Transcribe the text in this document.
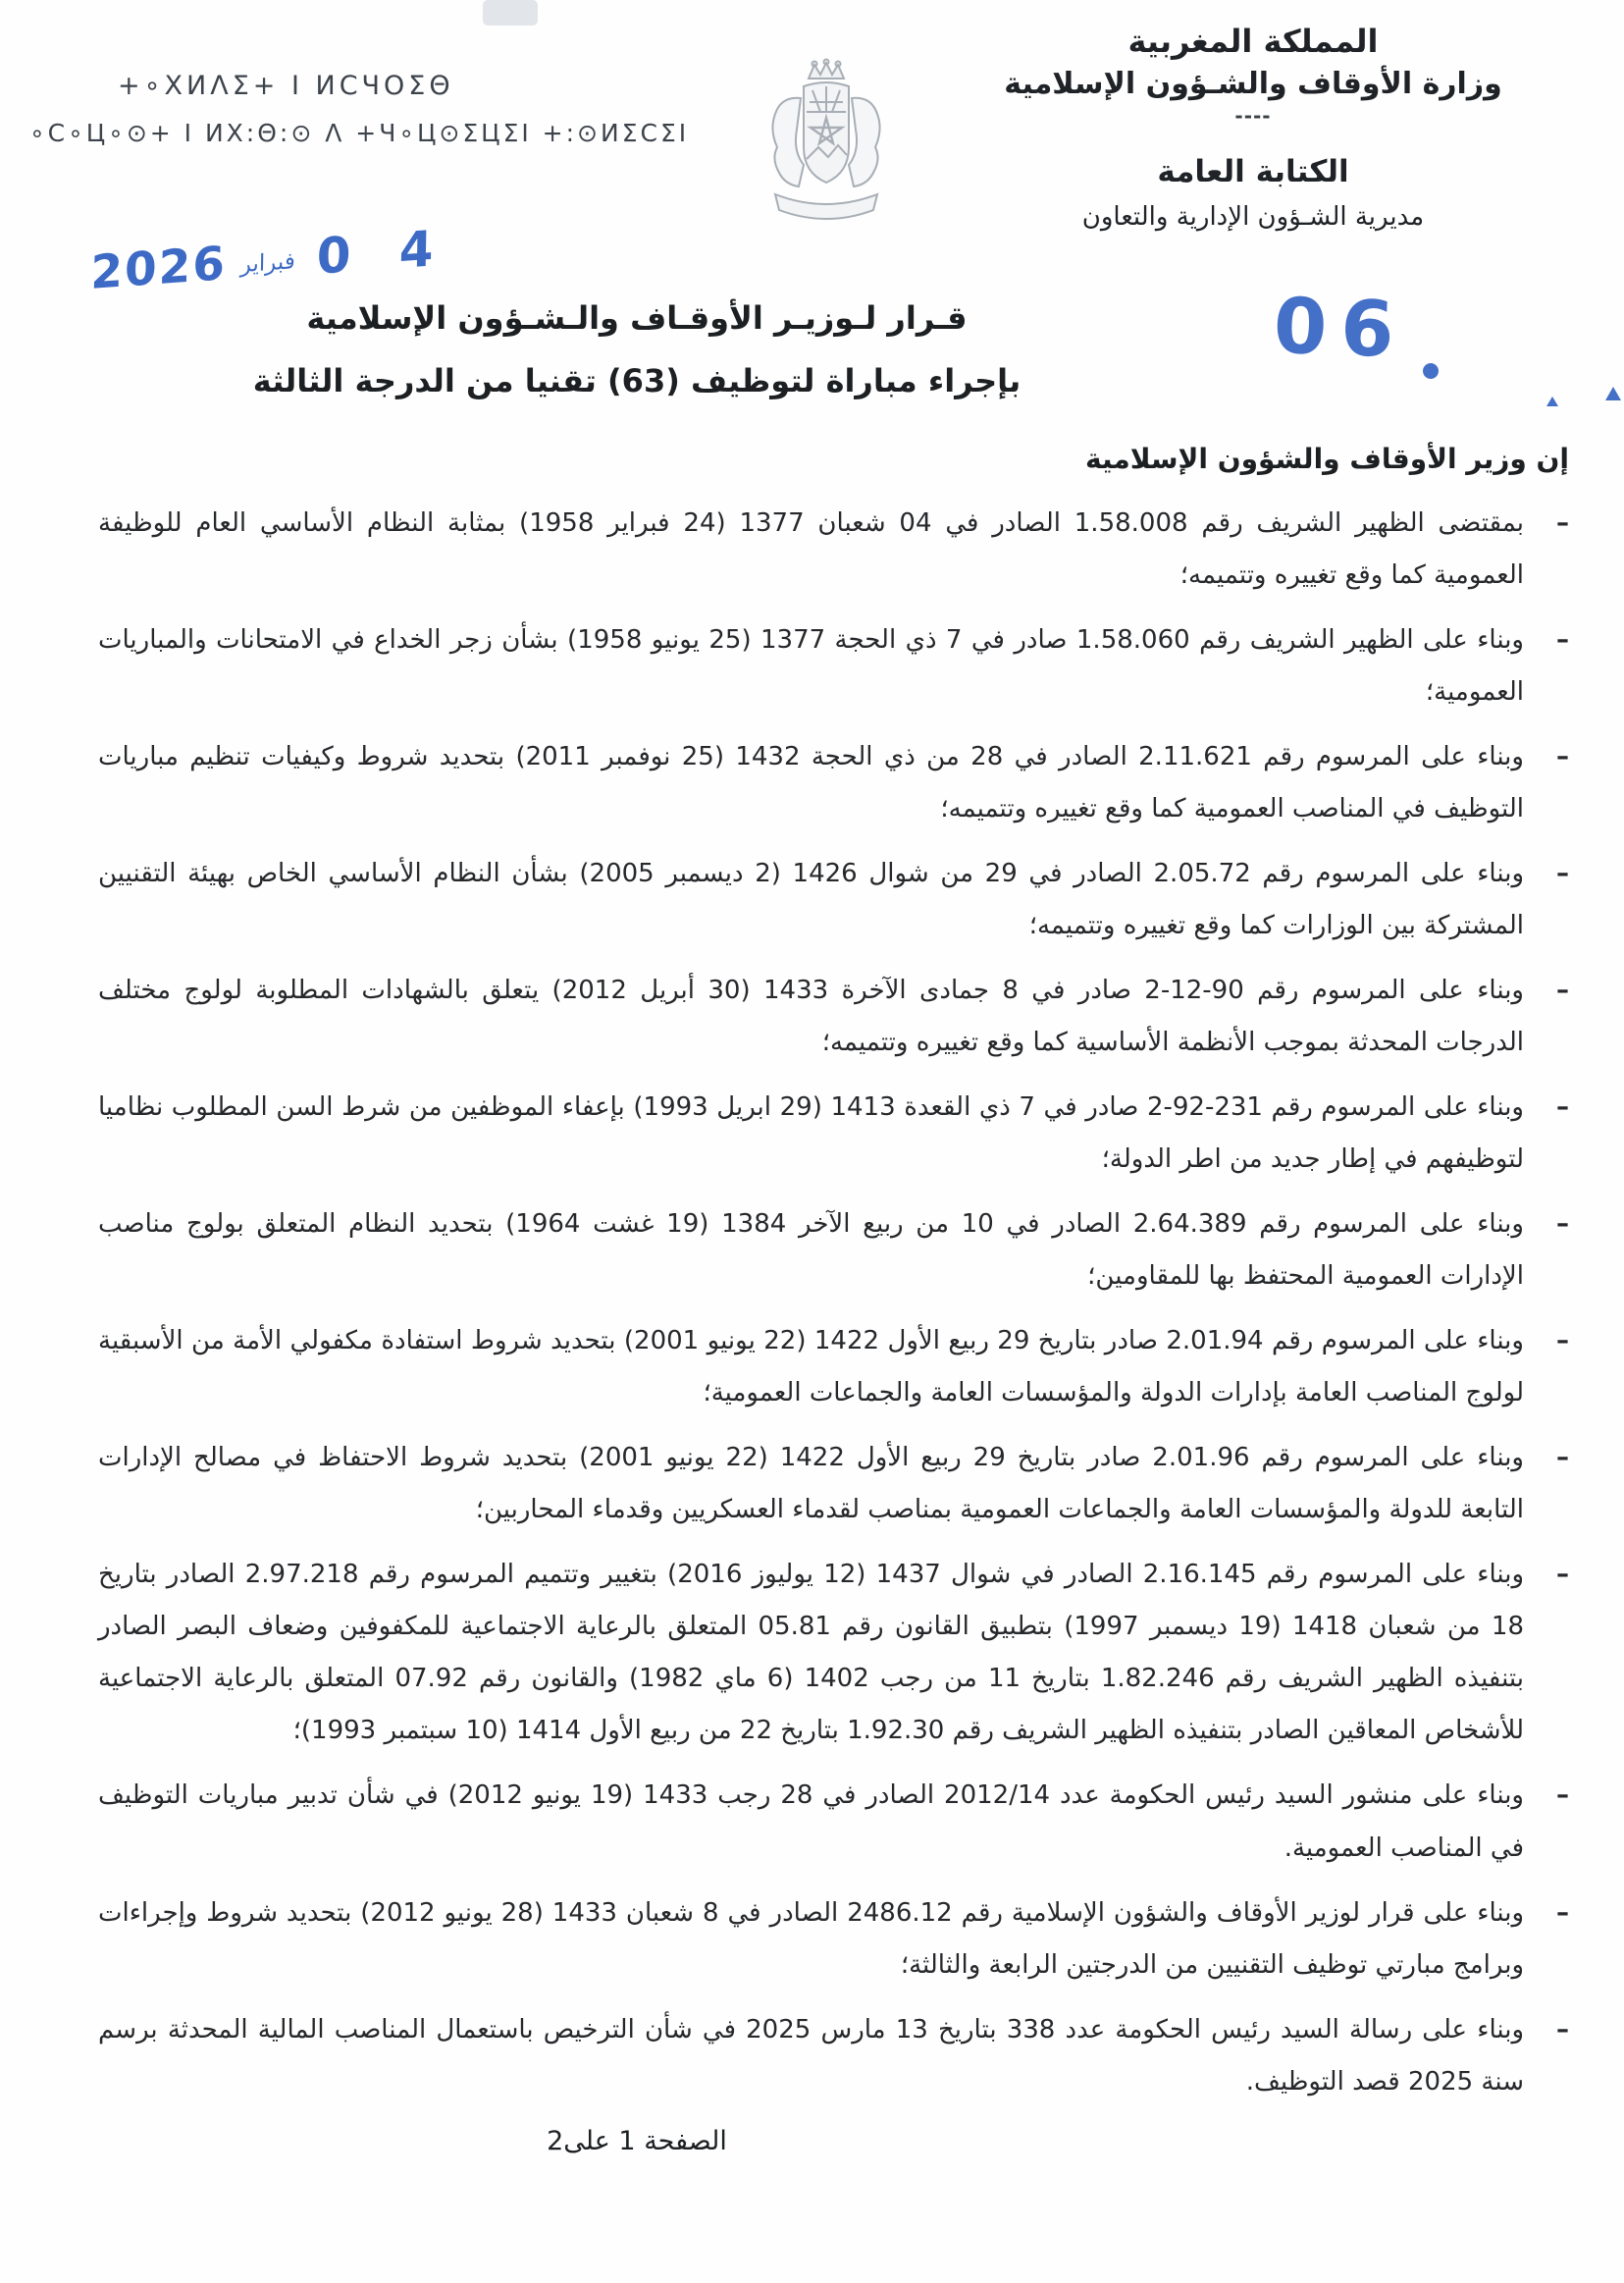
المملكة المغربية
وزارة الأوقاف والشـؤون الإسلامية
----
الكتابة العامة
مديرية الشـؤون الإدارية والتعاون
+∘XИΛΣ+ I ИCЧOΣΘ
∘C∘Ц∘⊙+ I ИX:Θ:⊙ Λ +Ч∘Ц⊙ΣЦΣI +:⊙ИΣCΣI
2026 فبراير 0 4
06
قـرار لـوزيـر الأوقـاف والـشـؤون الإسلامية
بإجراء مباراة لتوظيف (63) تقنيا من الدرجة الثالثة
إن وزير الأوقاف والشؤون الإسلامية
–
بمقتضى الظهير الشريف رقم 1.58.008 الصادر في 04 شعبان 1377 (24 فبراير 1958) بمثابة النظام الأساسي العام للوظيفة العمومية كما وقع تغييره وتتميمه؛
–
وبناء على الظهير الشريف رقم 1.58.060 صادر في 7 ذي الحجة 1377 (25 يونيو 1958) بشأن زجر الخداع في الامتحانات والمباريات العمومية؛
–
وبناء على المرسوم رقم 2.11.621 الصادر في 28 من ذي الحجة 1432 (25 نوفمبر 2011) بتحديد شروط وكيفيات تنظيم مباريات التوظيف في المناصب العمومية كما وقع تغييره وتتميمه؛
–
وبناء على المرسوم رقم 2.05.72 الصادر في 29 من شوال 1426 (2 ديسمبر 2005) بشأن النظام الأساسي الخاص بهيئة التقنيين المشتركة بين الوزارات كما وقع تغييره وتتميمه؛
–
وبناء على المرسوم رقم ‭2-12-90‬ صادر في 8 جمادى الآخرة 1433 (30 أبريل 2012) يتعلق بالشهادات المطلوبة لولوج مختلف الدرجات المحدثة بموجب الأنظمة الأساسية كما وقع تغييره وتتميمه؛
–
وبناء على المرسوم رقم ‭2-92-231‬ صادر في 7 ذي القعدة 1413 (29 ابريل 1993) بإعفاء الموظفين من شرط السن المطلوب نظاميا لتوظيفهم في إطار جديد من اطر الدولة؛
–
وبناء على المرسوم رقم 2.64.389 الصادر في 10 من ربيع الآخر 1384 (19 غشت 1964) بتحديد النظام المتعلق بولوج مناصب الإدارات العمومية المحتفظ بها للمقاومين؛
–
وبناء على المرسوم رقم 2.01.94 صادر بتاريخ 29 ربيع الأول 1422 (22 يونيو 2001) بتحديد شروط استفادة مكفولي الأمة من الأسبقية لولوج المناصب العامة بإدارات الدولة والمؤسسات العامة والجماعات العمومية؛
–
وبناء على المرسوم رقم 2.01.96 صادر بتاريخ 29 ربيع الأول 1422 (22 يونيو 2001) بتحديد شروط الاحتفاظ في مصالح الإدارات التابعة للدولة والمؤسسات العامة والجماعات العمومية بمناصب لقدماء العسكريين وقدماء المحاربين؛
–
وبناء على المرسوم رقم 2.16.145 الصادر في شوال 1437 (12 يوليوز 2016) بتغيير وتتميم المرسوم رقم 2.97.218 الصادر بتاريخ 18 من شعبان 1418 (19 ديسمبر 1997) بتطبيق القانون رقم 05.81 المتعلق بالرعاية الاجتماعية للمكفوفين وضعاف البصر الصادر بتنفيذه الظهير الشريف رقم 1.82.246 بتاريخ 11 من رجب 1402 (6 ماي 1982) والقانون رقم 07.92 المتعلق بالرعاية الاجتماعية للأشخاص المعاقين الصادر بتنفيذه الظهير الشريف رقم 1.92.30 بتاريخ 22 من ربيع الأول 1414 (10 سبتمبر 1993)؛
–
وبناء على منشور السيد رئيس الحكومة عدد ‭2012/14‬ الصادر في 28 رجب 1433 (19 يونيو 2012) في شأن تدبير مباريات التوظيف في المناصب العمومية.
–
وبناء على قرار لوزير الأوقاف والشؤون الإسلامية رقم 2486.12 الصادر في 8 شعبان 1433 (28 يونيو 2012) بتحديد شروط وإجراءات وبرامج مبارتي توظيف التقنيين من الدرجتين الرابعة والثالثة؛
–
وبناء على رسالة السيد رئيس الحكومة عدد 338 بتاريخ 13 مارس 2025 في شأن الترخيص باستعمال المناصب المالية المحدثة برسم سنة 2025 قصد التوظيف.
الصفحة 1 على2
